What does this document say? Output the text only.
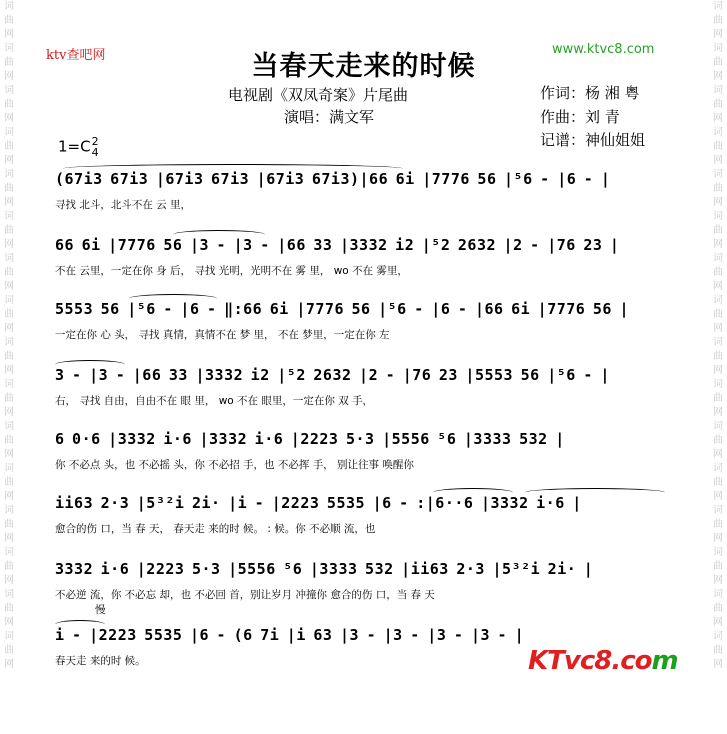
词曲网词曲网词曲网词曲网词曲网词曲网词曲网词曲网词曲网词曲网词曲网词曲网词曲网词曲网词曲网词曲网
词曲网词曲网词曲网词曲网词曲网词曲网词曲网词曲网词曲网词曲网词曲网词曲网词曲网词曲网词曲网词曲网
ktv查吧网	www.ktvc8.com
当春天走来的时候
电视剧《双凤奇案》片尾曲
演唱：满文军
作词：杨 湘 粤
作曲：刘 青
记谱：神仙姐姐
1=C2
4
(67i3 67i3 |67i3 67i3 |67i3 67i3)|66 6i |7776 56 |⁵6 - |6 - |
寻找 北斗，北斗不在 云 里，
66 6i |7776 56 |3 - |3 - |66 33 |3332 i2 |⁵2 2632 |2 - |76 23 |
不在 云里，一定在你 身 后， 寻找 光明，光明不在 雾 里， wo 不在 雾里，
5553 56 |⁵6 - |6 - ‖:66 6i |7776 56 |⁵6 - |6 - |66 6i |7776 56 |
一定在你 心 头， 寻找 真情，真情不在 梦 里， 不在 梦里，一定在你 左
3 - |3 - |66 33 |3332 i2 |⁵2 2632 |2 - |76 23 |5553 56 |⁵6 - |
右， 寻找 自由，自由不在 眼 里， wo 不在 眼里，一定在你 双 手，
6 0·6 |3332 i·6 |3332 i·6 |2223 5·3 |5556 ⁵6 |3333 532 |
你 不必点 头，也 不必摇 头，你 不必招 手，也 不必挥 手， 别让往事 唤醒你
ii63 2·3 |5³²i 2i· |i - |2223 5535 |6 - :|6··6 |3332 i·6 |
愈合的伤 口，当 春 天， 春天走 来的时 候。 : 候。你 不必顺 流，也
3332 i·6 |2223 5·3 |5556 ⁵6 |3333 532 |ii63 2·3 |5³²i 2i· |
不必逆 流，你 不必忘 却，也 不必回 首，别让岁月 冲撞你 愈合的伤 口，当 春 天
慢
i - |2223 5535 |6 - (6 7i |i 63 |3 - |3 - |3 - |3 - |
春天走 来的时 候。	KTvc8.com
